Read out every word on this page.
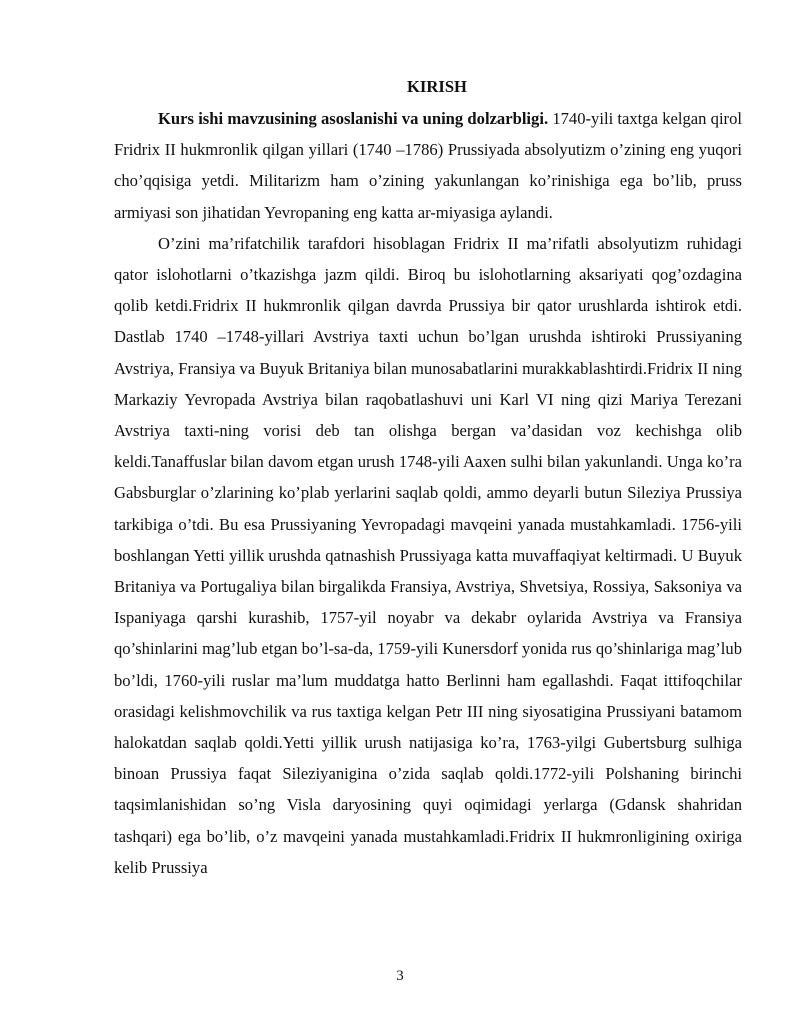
KIRISH

Kurs ishi mavzusining asoslanishi va uning dolzarbligi. 1740-yili taxtga kelgan qirol Fridrix II hukmronlik qilgan yillari (1740 –1786) Prussiyada absolyutizm o’zining eng yuqori cho’qqisiga yetdi. Militarizm ham o’zining yakunlangan ko’rinishiga ega bo’lib, pruss armiyasi son jihatidan Yevropaning eng katta ar-miyasiga aylandi.

O’zini ma’rifatchilik tarafdori hisoblagan Fridrix II ma’rifatli absolyutizm ruhidagi qator islohotlarni o’tkazishga jazm qildi. Biroq bu islohotlarning aksariyati qog’ozdagina qolib ketdi.Fridrix II hukmronlik qilgan davrda Prussiya bir qator urushlarda ishtirok etdi. Dastlab 1740 –1748-yillari Avstriya taxti uchun bo’lgan urushda ishtiroki Prussiyaning Avstriya, Fransiya va Buyuk Britaniya bilan munosabatlarini murakkablashtirdi.Fridrix II ning Markaziy Yevropada Avstriya bilan raqobatlashuvi uni Karl VI ning qizi Mariya Terezani Avstriya taxti-ning vorisi deb tan olishga bergan va’dasidan voz kechishga olib keldi.Tanaffuslar bilan davom etgan urush 1748-yili Aaxen sulhi bilan yakunlandi. Unga ko’ra Gabsburglar o’zlarining ko’plab yerlarini saqlab qoldi, ammo deyarli butun Sileziya Prussiya tarkibiga o’tdi. Bu esa Prussiyaning Yevropadagi mavqeini yanada mustahkamladi. 1756-yili boshlangan Yetti yillik urushda qatnashish Prussiyaga katta muvaffaqiyat keltirmadi. U Buyuk Britaniya va Portugaliya bilan birgalikda Fransiya, Avstriya, Shvetsiya, Rossiya, Saksoniya va Ispaniyaga qarshi kurashib, 1757-yil noyabr va dekabr oylarida Avstriya va Fransiya qo’shinlarini mag’lub etgan bo’l-sa-da, 1759-yili Kunersdorf yonida rus qo’shinlariga mag’lub bo’ldi, 1760-yili ruslar ma’lum muddatga hatto Berlinni ham egallashdi. Faqat ittifoqchilar orasidagi kelishmovchilik va rus taxtiga kelgan Petr III ning siyosatigina Prussiyani batamom halokatdan saqlab qoldi.Yetti yillik urush natijasiga ko’ra, 1763-yilgi Gubertsburg sulhiga binoan Prussiya faqat Sileziyanigina o’zida saqlab qoldi.1772-yili Polshaning birinchi taqsimlanishidan so’ng Visla daryosining quyi oqimidagi yerlarga (Gdansk shahridan tashqari) ega bo’lib, o’z mavqeini yanada mustahkamladi.Fridrix II hukmronligining oxiriga kelib Prussiya

3
